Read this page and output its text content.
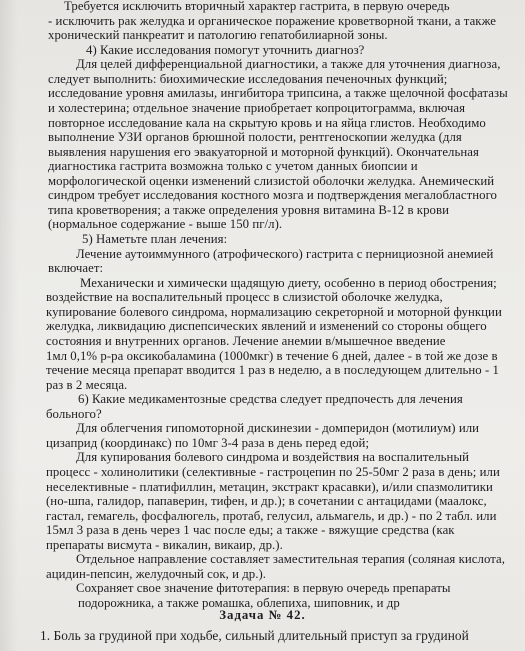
Требуется исключить вторичный характер гастрита, в первую очередь
- исключить рак желудка и органическое поражение кроветворной ткани, а также
хронический панкреатит и патологию гепатобилиарной зоны.
4) Какие исследования помогут уточнить диагноз?
Для целей дифференциальной диагностики, а также для уточнения диагноза,
следует выполнить: биохимические исследования печеночных функций;
исследование уровня амилазы, ингибитора трипсина, а также щелочной фосфатазы
и холестерина; отдельное значение приобретает копроцитограмма, включая
повторное исследование кала на скрытую кровь и на яйца глистов. Необходимо
выполнение УЗИ органов брюшной полости, рентгеноскопии желудка (для
выявления нарушения его эвакуаторной и моторной функций). Окончательная
диагностика гастрита возможна только с учетом данных биопсии и
морфологической оценки изменений слизистой оболочки желудка. Анемический
синдром требует исследования костного мозга и подтверждения мегалобластного
типа кроветворения; а также определения уровня витамина В-12 в крови
(нормальное содержание - выше 150 пг/л).
5) Наметьте план лечения:
Лечение аутоиммунного (атрофического) гастрита с пернициозной анемией
включает:
Механически и химически щадящую диету, особенно в период обострения;
воздействие на воспалительный процесс в слизистой оболочке желудка,
купирование болевого синдрома, нормализацию секреторной и моторной функции
желудка, ликвидацию диспепсических явлений и изменений со стороны общего
состояния и внутренних органов. Лечение анемии в/мышечное введение
1мл 0,1% р-ра оксикобаламина (1000мкг) в течение 6 дней, далее - в той же дозе в
течение месяца препарат вводится 1 раз в неделю, а в последующем длительно - 1
раз в 2 месяца.
6) Какие медикаментозные средства следует предпочесть для лечения
больного?
Для облегчения гипомоторной дискинезии - домперидон (мотилиум) или
цизаприд (координакс) по 10мг 3-4 раза в день перед едой;
Для купирования болевого синдрома и воздействия на воспалительный
процесс - холинолитики (селективные - гастроцепин по 25-50мг 2 раза в день; или
неселективные - платифиллин, метацин, экстракт красавки), и/или спазмолитики
(но-шпа, галидор, папаверин, тифен, и др.); в сочетании с антацидами (маалокс,
гастал, гемагель, фосфалюгель, протаб, гелусил, альмагель, и др.) - по 2 табл. или
15мл 3 раза в день через 1 час после еды; а также - вяжущие средства (как
препараты висмута - викалин, викаир, др.).
Отдельное направление составляет заместительная терапия (соляная кислота,
ацидин-пепсин, желудочный сок, и др.).
Сохраняет свое значение фитотерапия: в первую очередь препараты
подорожника, а также ромашка, облепиха, шиповник, и др
Задача № 42.
1. Боль за грудиной при ходьбе, сильный длительный приступ за грудиной
